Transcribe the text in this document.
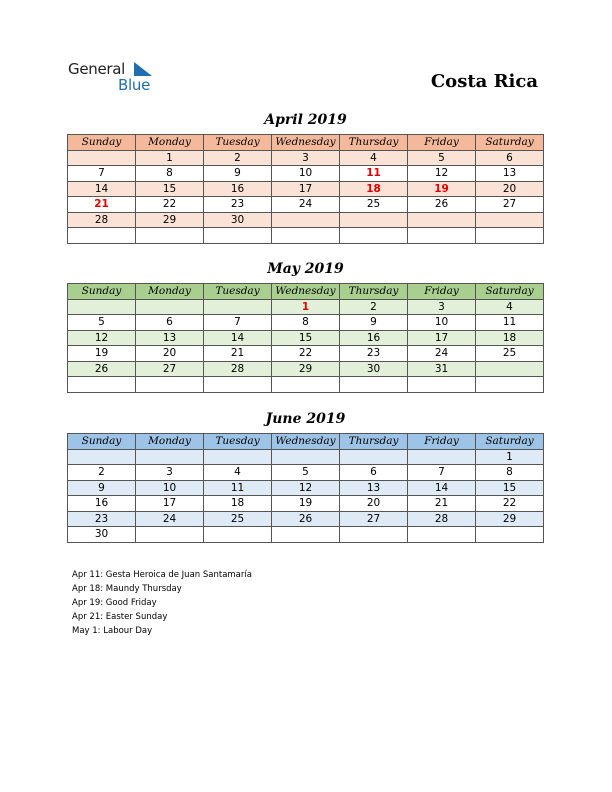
General
Blue	Costa Rica
April 2019
Sunday	Monday	Tuesday	Wednesday	Thursday	Friday	Saturday
	1	2	3	4	5	6
7	8	9	10	11	12	13
14	15	16	17	18	19	20
21	22	23	24	25	26	27
28	29	30				

May 2019
Sunday	Monday	Tuesday	Wednesday	Thursday	Friday	Saturday
			1	2	3	4
5	6	7	8	9	10	11
12	13	14	15	16	17	18
19	20	21	22	23	24	25
26	27	28	29	30	31	

June 2019
Sunday	Monday	Tuesday	Wednesday	Thursday	Friday	Saturday
						1
2	3	4	5	6	7	8
9	10	11	12	13	14	15
16	17	18	19	20	21	22
23	24	25	26	27	28	29
30						
Apr 11: Gesta Heroica de Juan Santamaría
Apr 18: Maundy Thursday
Apr 19: Good Friday
Apr 21: Easter Sunday
May 1: Labour Day
